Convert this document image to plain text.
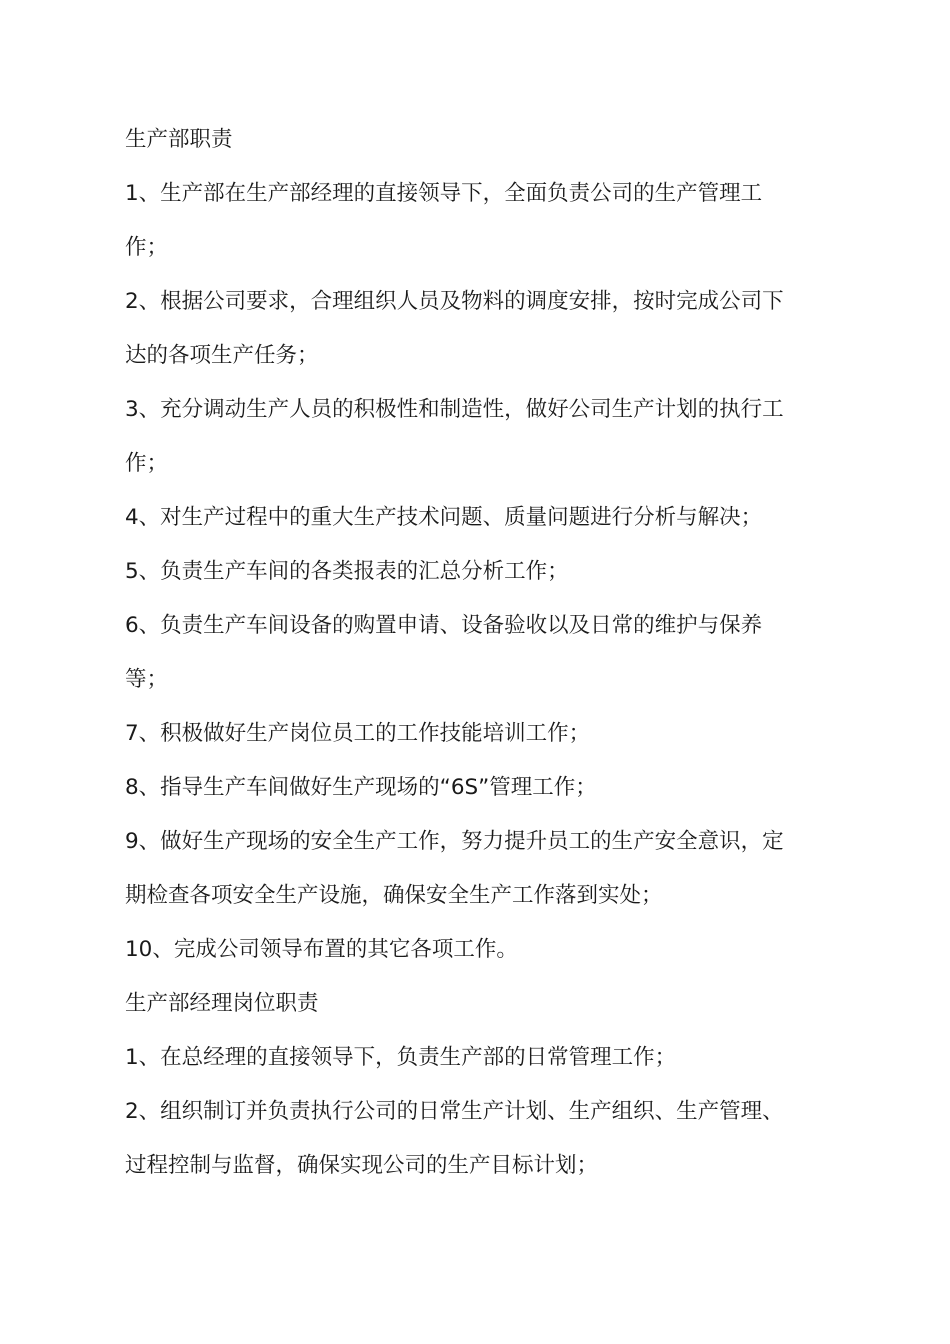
生产部职责
1、生产部在生产部经理的直接领导下，全面负责公司的生产管理工
作；
2、根据公司要求，合理组织人员及物料的调度安排，按时完成公司下
达的各项生产任务；
3、充分调动生产人员的积极性和制造性，做好公司生产计划的执行工
作；
4、对生产过程中的重大生产技术问题、质量问题进行分析与解决；
5、负责生产车间的各类报表的汇总分析工作；
6、负责生产车间设备的购置申请、设备验收以及日常的维护与保养
等；
7、积极做好生产岗位员工的工作技能培训工作；
8、指导生产车间做好生产现场的“6S”管理工作；
9、做好生产现场的安全生产工作，努力提升员工的生产安全意识，定
期检查各项安全生产设施，确保安全生产工作落到实处；
10、完成公司领导布置的其它各项工作。
生产部经理岗位职责
1、在总经理的直接领导下，负责生产部的日常管理工作；
2、组织制订并负责执行公司的日常生产计划、生产组织、生产管理、
过程控制与监督，确保实现公司的生产目标计划；
